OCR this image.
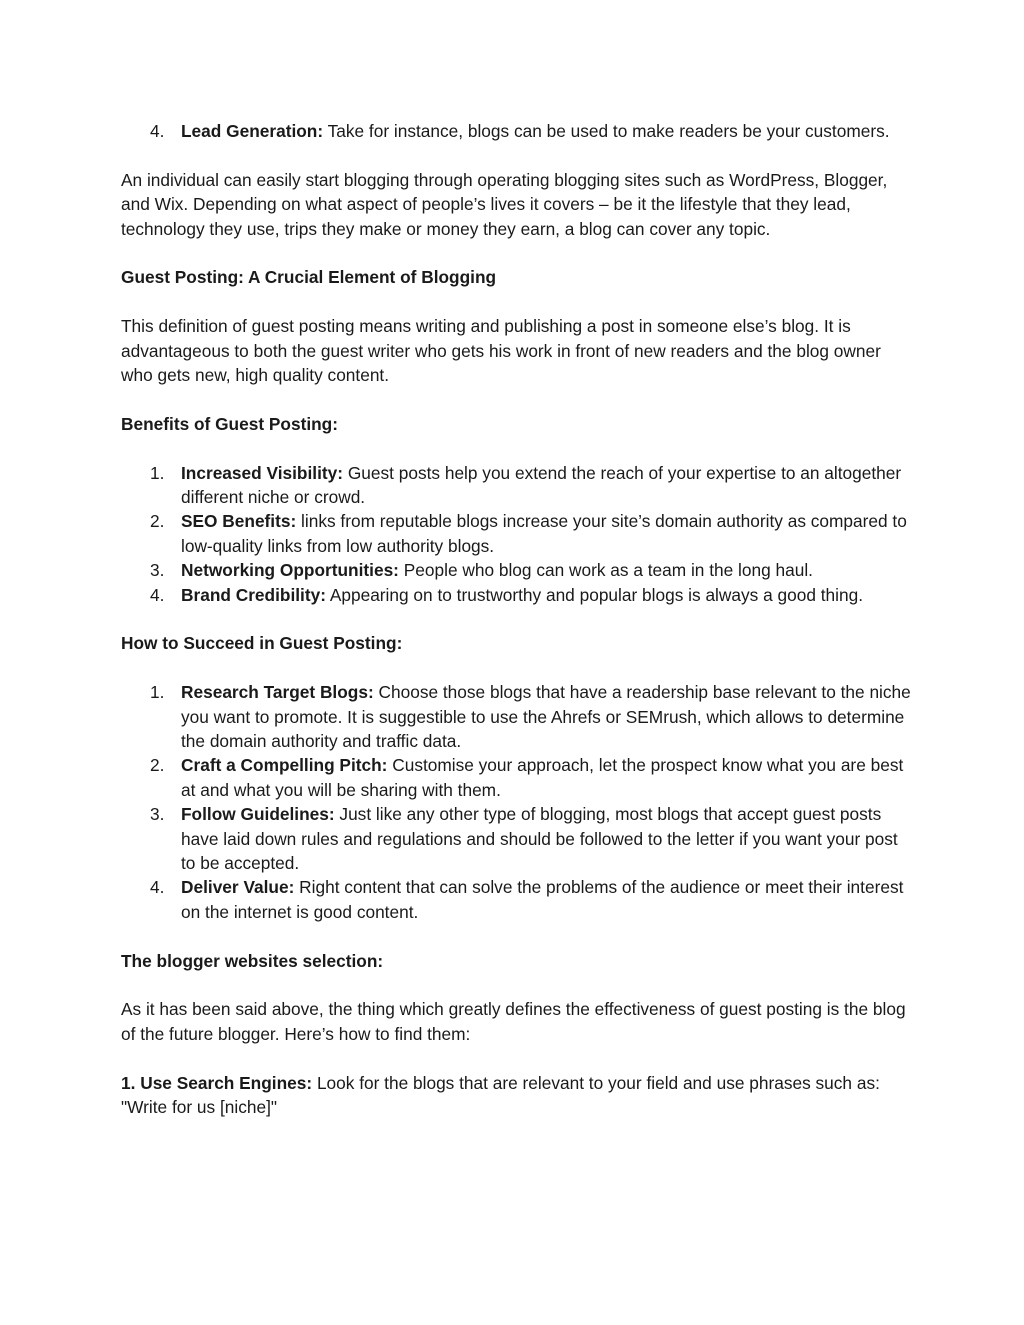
4. Lead Generation: Take for instance, blogs can be used to make readers be your customers.

An individual can easily start blogging through operating blogging sites such as WordPress, Blogger, and Wix. Depending on what aspect of people’s lives it covers – be it the lifestyle that they lead, technology they use, trips they make or money they earn, a blog can cover any topic.

Guest Posting: A Crucial Element of Blogging

This definition of guest posting means writing and publishing a post in someone else’s blog. It is advantageous to both the guest writer who gets his work in front of new readers and the blog owner who gets new, high quality content.

Benefits of Guest Posting:

1. Increased Visibility: Guest posts help you extend the reach of your expertise to an altogether different niche or crowd.
2. SEO Benefits: links from reputable blogs increase your site’s domain authority as compared to low-quality links from low authority blogs.
3. Networking Opportunities: People who blog can work as a team in the long haul.
4. Brand Credibility: Appearing on to trustworthy and popular blogs is always a good thing.

How to Succeed in Guest Posting:

1. Research Target Blogs: Choose those blogs that have a readership base relevant to the niche you want to promote. It is suggestible to use the Ahrefs or SEMrush, which allows to determine the domain authority and traffic data.
2. Craft a Compelling Pitch: Customise your approach, let the prospect know what you are best at and what you will be sharing with them.
3. Follow Guidelines: Just like any other type of blogging, most blogs that accept guest posts have laid down rules and regulations and should be followed to the letter if you want your post to be accepted.
4. Deliver Value: Right content that can solve the problems of the audience or meet their interest on the internet is good content.

The blogger websites selection:

As it has been said above, the thing which greatly defines the effectiveness of guest posting is the blog of the future blogger. Here’s how to find them:

1. Use Search Engines: Look for the blogs that are relevant to your field and use phrases such as:

"Write for us [niche]"
